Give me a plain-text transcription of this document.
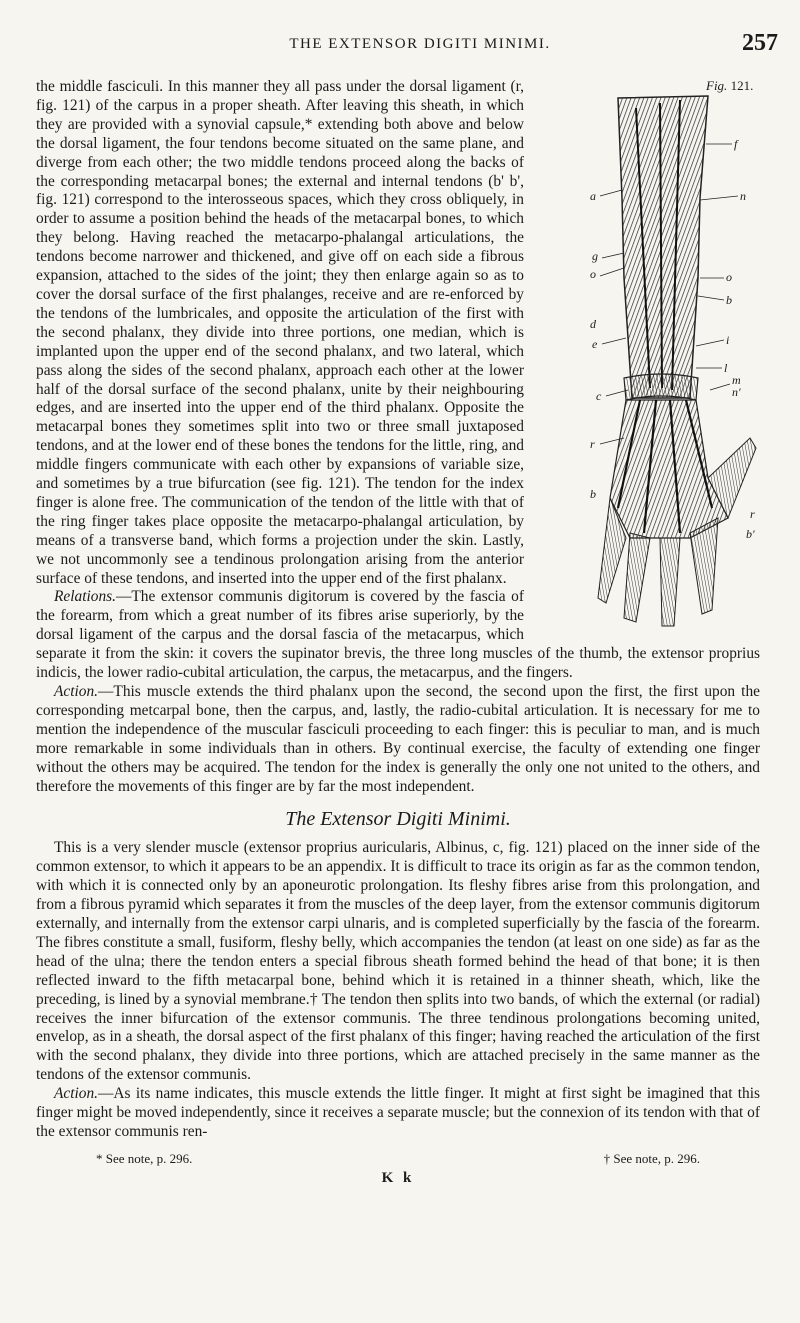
THE EXTENSOR DIGITI MINIMI.	257
Fig. 121.
f
n
o
b
i
l
m
n'
r
b'
a
g
o
d
e
c
r
b

the middle fasciculi. In this manner they all pass under the dorsal ligament (r, fig. 121) of the carpus in a proper sheath. After leaving this sheath, in which they are provided with a synovial capsule,* extending both above and below the dorsal ligament, the four tendons become situated on the same plane, and diverge from each other; the two middle tendons proceed along the backs of the corresponding metacarpal bones; the external and internal tendons (b' b', fig. 121) correspond to the interosseous spaces, which they cross obliquely, in order to assume a position behind the heads of the metacarpal bones, to which they belong. Having reached the metacarpo-phalangal articulations, the tendons become narrower and thickened, and give off on each side a fibrous expansion, attached to the sides of the joint; they then enlarge again so as to cover the dorsal surface of the first phalanges, receive and are re-enforced by the tendons of the lumbricales, and opposite the articulation of the first with the second phalanx, they divide into three portions, one median, which is implanted upon the upper end of the second phalanx, and two lateral, which pass along the sides of the second phalanx, approach each other at the lower half of the dorsal surface of the second phalanx, unite by their neighbouring edges, and are inserted into the upper end of the third phalanx. Opposite the metacarpal bones they sometimes split into two or three small juxtaposed tendons, and at the lower end of these bones the tendons for the little, ring, and middle fingers communicate with each other by expansions of variable size, and sometimes by a true bifurcation (see fig. 121). The tendon for the index finger is alone free. The communication of the tendon of the little with that of the ring finger takes place opposite the metacarpo-phalangal articulation, by means of a transverse band, which forms a projection under the skin. Lastly, we not uncommonly see a tendinous prolongation arising from the anterior surface of these tendons, and inserted into the upper end of the first phalanx.

Relations.—The extensor communis digitorum is covered by the fascia of the forearm, from which a great number of its fibres arise superiorly, by the dorsal ligament of the carpus and the dorsal fascia of the metacarpus, which separate it from the skin: it covers the supinator brevis, the three long muscles of the thumb, the extensor proprius indicis, the lower radio-cubital articulation, the carpus, the metacarpus, and the fingers.

Action.—This muscle extends the third phalanx upon the second, the second upon the first, the first upon the corresponding metcarpal bone, then the carpus, and, lastly, the radio-cubital articulation. It is necessary for me to mention the independence of the muscular fasciculi proceeding to each finger: this is peculiar to man, and is much more remarkable in some individuals than in others. By continual exercise, the faculty of extending one finger without the others may be acquired. The tendon for the index is generally the only one not united to the others, and therefore the movements of this finger are by far the most independent.

The Extensor Digiti Minimi.

This is a very slender muscle (extensor proprius auricularis, Albinus, c, fig. 121) placed on the inner side of the common extensor, to which it appears to be an appendix. It is difficult to trace its origin as far as the common tendon, with which it is connected only by an aponeurotic prolongation. Its fleshy fibres arise from this prolongation, and from a fibrous pyramid which separates it from the muscles of the deep layer, from the extensor communis digitorum externally, and internally from the extensor carpi ulnaris, and is completed superficially by the fascia of the forearm. The fibres constitute a small, fusiform, fleshy belly, which accompanies the tendon (at least on one side) as far as the head of the ulna; there the tendon enters a special fibrous sheath formed behind the head of that bone; it is then reflected inward to the fifth metacarpal bone, behind which it is retained in a thinner sheath, which, like the preceding, is lined by a synovial membrane.† The tendon then splits into two bands, of which the external (or radial) receives the inner bifurcation of the extensor communis. The three tendinous prolongations becoming united, envelop, as in a sheath, the dorsal aspect of the first phalanx of this finger; having reached the articulation of the first with the second phalanx, they divide into three portions, which are attached precisely in the same manner as the tendons of the extensor communis.

Action.—As its name indicates, this muscle extends the little finger. It might at first sight be imagined that this finger might be moved independently, since it receives a separate muscle; but the connexion of its tendon with that of the extensor communis ren-

* See note, p. 296.	† See note, p. 296.
K k
